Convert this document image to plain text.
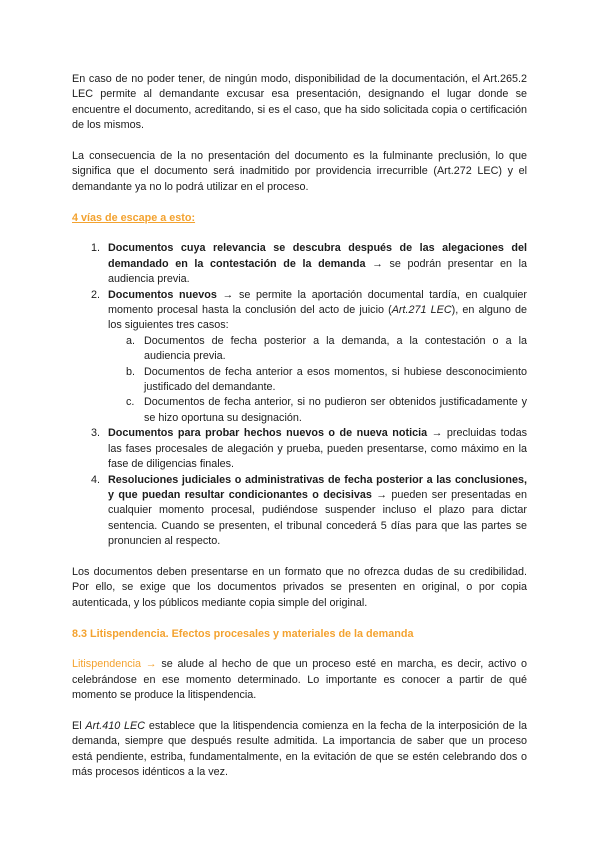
En caso de no poder tener, de ningún modo, disponibilidad de la documentación, el Art.265.2 LEC permite al demandante excusar esa presentación, designando el lugar donde se encuentre el documento, acreditando, si es el caso, que ha sido solicitada copia o certificación de los mismos.

La consecuencia de la no presentación del documento es la fulminante preclusión, lo que significa que el documento será inadmitido por providencia irrecurrible (Art.272 LEC) y el demandante ya no lo podrá utilizar en el proceso.

4 vías de escape a esto:

1. Documentos cuya relevancia se descubra después de las alegaciones del demandado en la contestación de la demanda → se podrán presentar en la audiencia previa.
2. Documentos nuevos → se permite la aportación documental tardía, en cualquier momento procesal hasta la conclusión del acto de juicio (Art.271 LEC), en alguno de los siguientes tres casos:
a. Documentos de fecha posterior a la demanda, a la contestación o a la audiencia previa.
b. Documentos de fecha anterior a esos momentos, si hubiese desconocimiento justificado del demandante.
c. Documentos de fecha anterior, si no pudieron ser obtenidos justificadamente y se hizo oportuna su designación.
3. Documentos para probar hechos nuevos o de nueva noticia → precluidas todas las fases procesales de alegación y prueba, pueden presentarse, como máximo en la fase de diligencias finales.
4. Resoluciones judiciales o administrativas de fecha posterior a las conclusiones, y que puedan resultar condicionantes o decisivas → pueden ser presentadas en cualquier momento procesal, pudiéndose suspender incluso el plazo para dictar sentencia. Cuando se presenten, el tribunal concederá 5 días para que las partes se pronuncien al respecto.

Los documentos deben presentarse en un formato que no ofrezca dudas de su credibilidad. Por ello, se exige que los documentos privados se presenten en original, o por copia autenticada, y los públicos mediante copia simple del original.

8.3 Litispendencia. Efectos procesales y materiales de la demanda

Litispendencia → se alude al hecho de que un proceso esté en marcha, es decir, activo o celebrándose en ese momento determinado. Lo importante es conocer a partir de qué momento se produce la litispendencia.

El Art.410 LEC establece que la litispendencia comienza en la fecha de la interposición de la demanda, siempre que después resulte admitida. La importancia de saber que un proceso está pendiente, estriba, fundamentalmente, en la evitación de que se estén celebrando dos o más procesos idénticos a la vez.
